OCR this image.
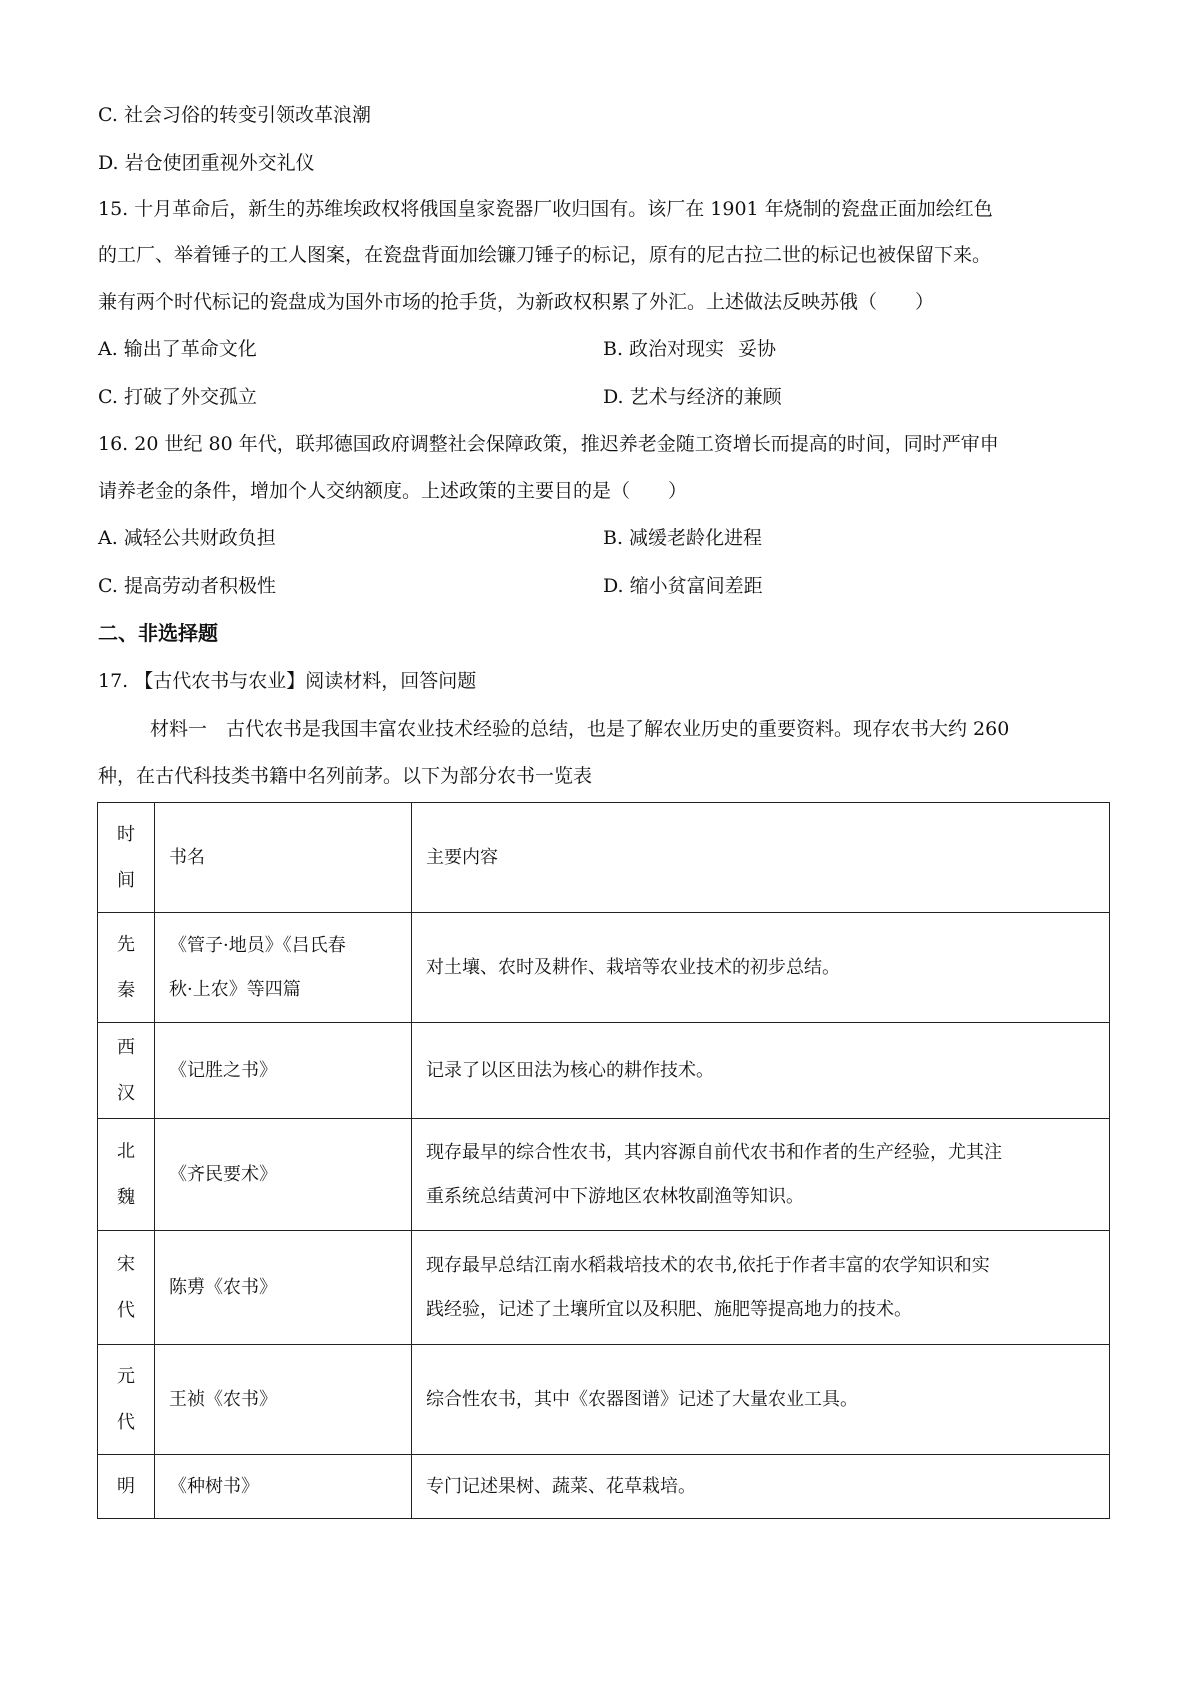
C. 社会习俗的转变引领改革浪潮
D. 岩仓使团重视外交礼仪
15. 十月革命后，新生的苏维埃政权将俄国皇家瓷器厂收归国有。该厂在 1901 年烧制的瓷盘正面加绘红色
的工厂、举着锤子的工人图案，在瓷盘背面加绘镰刀锤子的标记，原有的尼古拉二世的标记也被保留下来。
兼有两个时代标记的瓷盘成为国外市场的抢手货，为新政权积累了外汇。上述做法反映苏俄（　　）
A. 输出了革命文化	B. 政治对现实 妥协
C. 打破了外交孤立	D. 艺术与经济的兼顾
16. 20 世纪 80 年代，联邦德国政府调整社会保障政策，推迟养老金随工资增长而提高的时间，同时严审申
请养老金的条件，增加个人交纳额度。上述政策的主要目的是（　　）
A. 减轻公共财政负担	B. 减缓老龄化进程
C. 提高劳动者积极性	D. 缩小贫富间差距
二、非选择题
17. 【古代农书与农业】阅读材料，回答问题
材料一　古代农书是我国丰富农业技术经验的总结，也是了解农业历史的重要资料。现存农书大约 260
种，在古代科技类书籍中名列前茅。以下为部分农书一览表
时
间	书名	主要内容

先
秦	《管子·地员》《吕氏春
秋·上农》等四篇	对土壤、农时及耕作、栽培等农业技术的初步总结。

西
汉	《记胜之书》	记录了以区田法为核心的耕作技术。

北
魏	《齐民要术》	现存最早的综合性农书，其内容源自前代农书和作者的生产经验，尤其注
重系统总结黄河中下游地区农林牧副渔等知识。

宋
代	陈旉《农书》	现存最早总结江南水稻栽培技术的农书,依托于作者丰富的农学知识和实
践经验，记述了土壤所宜以及积肥、施肥等提高地力的技术。

元
代	王祯《农书》	综合性农书，其中《农器图谱》记述了大量农业工具。

明	《种树书》	专门记述果树、蔬菜、花草栽培。
